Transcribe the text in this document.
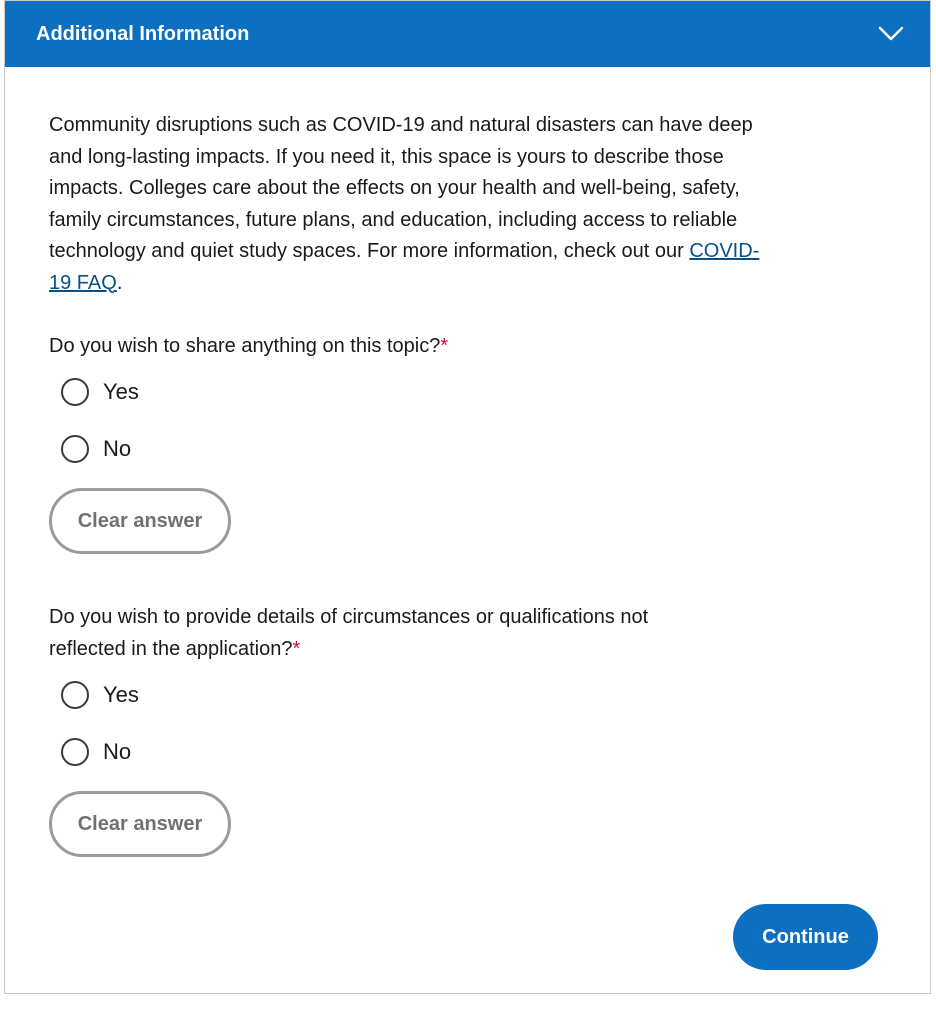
Additional Information

Community disruptions such as COVID-19 and natural disasters can have deep and long-lasting impacts. If you need it, this space is yours to describe those impacts. Colleges care about the effects on your health and well-being, safety, family circumstances, future plans, and education, including access to reliable technology and quiet study spaces. For more information, check out our COVID-19 FAQ.

Do you wish to share anything on this topic?*
Yes
No
Clear answer
Do you wish to provide details of circumstances or qualifications not reflected in the application?*
Yes
No
Clear answer
Continue
